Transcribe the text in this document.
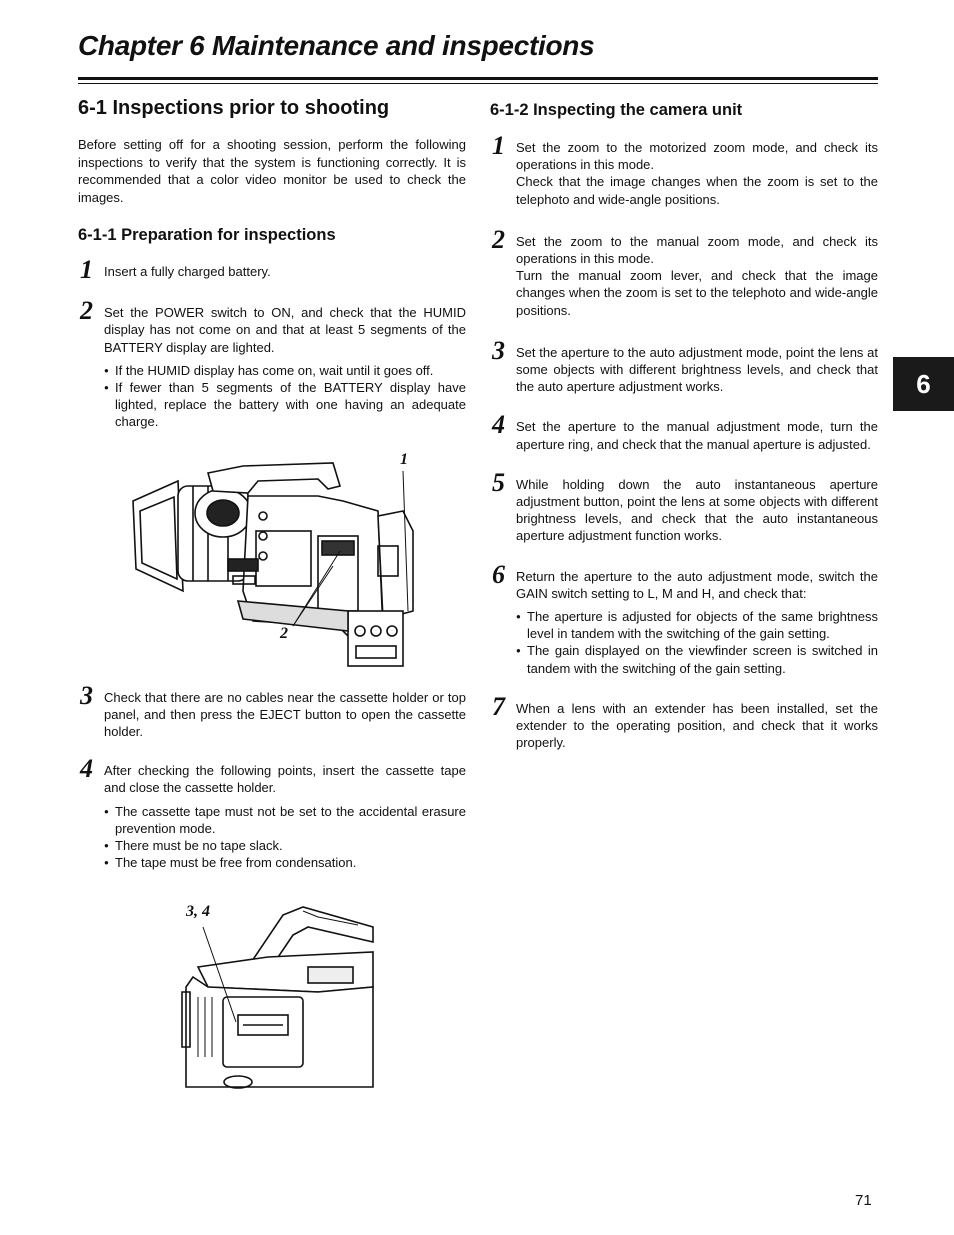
Chapter 6 Maintenance and inspections
6-1 Inspections prior to shooting

Before setting off for a shooting session, perform the following inspections to verify that the system is functioning correctly. It is recommended that a color video monitor be used to check the images.

6-1-1 Preparation for inspections
1 Insert a fully charged battery.
2 Set the POWER switch to ON, and check that the HUMID display has not come on and that at least 5 segments of the BATTERY display are lighted.
● If the HUMID display has come on, wait until it goes off.
● If fewer than 5 segments of the BATTERY display have lighted, replace the battery with one having an adequate charge.
1
2
3 Check that there are no cables near the cassette holder or top panel, and then press the EJECT button to open the cassette holder.
4 After checking the following points, insert the cassette tape and close the cassette holder.
● The cassette tape must not be set to the accidental erasure prevention mode.
● There must be no tape slack.
● The tape must be free from condensation.
3, 4
6-1-2 Inspecting the camera unit
1 Set the zoom to the motorized zoom mode, and check its operations in this mode.
Check that the image changes when the zoom is set to the telephoto and wide-angle positions.
2 Set the zoom to the manual zoom mode, and check its operations in this mode.
Turn the manual zoom lever, and check that the image changes when the zoom is set to the telephoto and wide-angle positions.
3 Set the aperture to the auto adjustment mode, point the lens at some objects with different brightness levels, and check that the auto aperture adjustment works.
4 Set the aperture to the manual adjustment mode, turn the aperture ring, and check that the manual aperture is adjusted.
5 While holding down the auto instantaneous aperture adjustment button, point the lens at some objects with different brightness levels, and check that the auto instantaneous aperture adjustment function works.
6 Return the aperture to the auto adjustment mode, switch the GAIN switch setting to L, M and H, and check that:
● The aperture is adjusted for objects of the same brightness level in tandem with the switching of the gain setting.
● The gain displayed on the viewfinder screen is switched in tandem with the switching of the gain setting.
7 When a lens with an extender has been installed, set the extender to the operating position, and check that it works properly.
6
71
